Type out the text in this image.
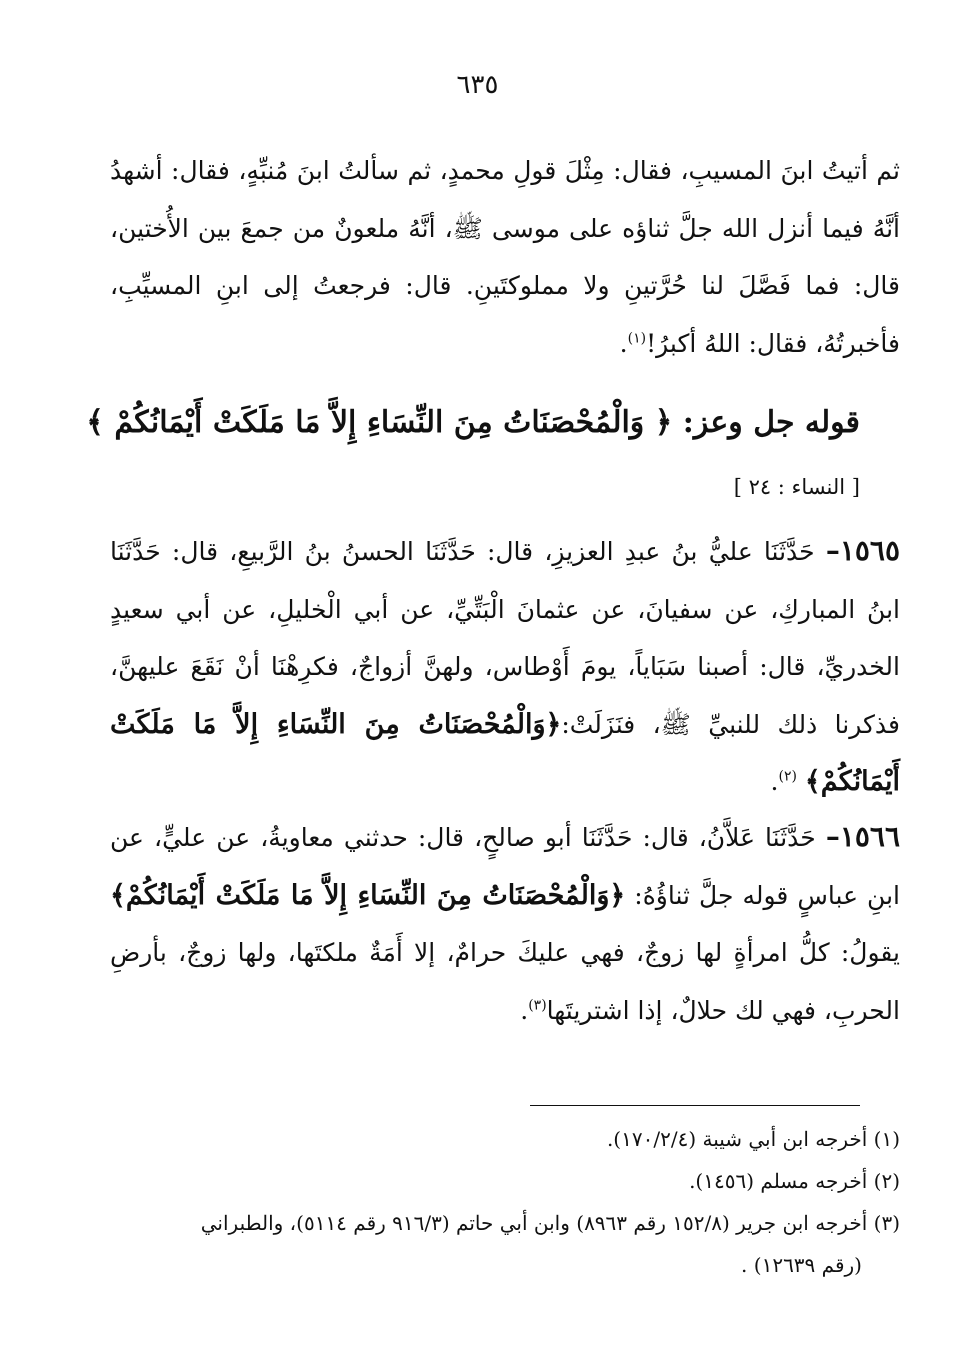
٦٣٥

ثم أتيتُ ابنَ المسيبِ، فقال: مِثْلَ قولِ محمدٍ، ثم سألتُ ابنَ مُنبِّهٍ، فقال: أشهدُ أنَّهُ فيما أنزل الله جلَّ ثناؤه على موسى ﷺ، أنَّهُ ملعونٌ من جمعَ بين الأُختين، قال: فما فَصَّلَ لنا حُرَّتينِ ولا مملوكتَينِ. قال: فرجعتُ إلى ابنِ المسيِّبِ، فأخبرتُهُ، فقال: اللهُ أكبرُ!$^{(١)}$.

قوله جل وعز: ﴿ وَالْمُحْصَنَاتُ مِنَ النِّسَاءِ إِلاَّ مَا مَلَكَتْ أَيْمَانُكُمْ ﴾
[ النساء : ٢٤ ]

١٥٦٥– حَدَّثَنَا عليُّ بنُ عبدِ العزيزِ، قال: حَدَّثَنَا الحسنُ بنُ الرَّبيعِ، قال: حَدَّثَنَا ابنُ المباركِ، عن سفيانَ، عن عثمانَ الْبَتِّيِّ، عن أبي الْخليلِ، عن أبي سعيدٍ الخدريِّ، قال: أصبنا سَبَاياً، يومَ أَوْطاس، ولهنَّ أزواجٌ، فكرِهْنَا أنْ نَقَعَ عليهنَّ، فذكرنا ذلك للنبيِّ ﷺ، فنَزَلَتْ:﴿وَالْمُحْصَنَاتُ مِنَ النِّسَاءِ إِلاَّ مَا مَلَكَتْ أَيْمَانُكُمْ﴾ $^{(٢)}$.

١٥٦٦– حَدَّثَنَا عَلاَّنُ، قال: حَدَّثَنَا أبو صالحٍ، قال: حدثني معاويةُ، عن عليٍّ، عن ابنِ عباسٍ قوله جلَّ ثناؤُهُ: ﴿وَالْمُحْصَنَاتُ مِنَ النِّسَاءِ إِلاَّ مَا مَلَكَتْ أَيْمَانُكُمْ﴾ يقولُ: كلُّ امرأةٍ لها زوجٌ، فهي عليكَ حرامٌ، إلا أَمَةٌ ملكتَها، ولها زوجٌ، بأرضِ الحربِ، فهي لك حلالٌ، إذا اشتريتَها$^{(٣)}$.

(١) أخرجه ابن أبي شيبة (١٧٠/٢/٤).
(٢) أخرجه مسلم (١٤٥٦).
(٣) أخرجه ابن جرير (١٥٢/٨ رقم ٨٩٦٣) وابن أبي حاتم (٩١٦/٣ رقم ٥١١٤)، والطبراني
(رقم ١٢٦٣٩) .
